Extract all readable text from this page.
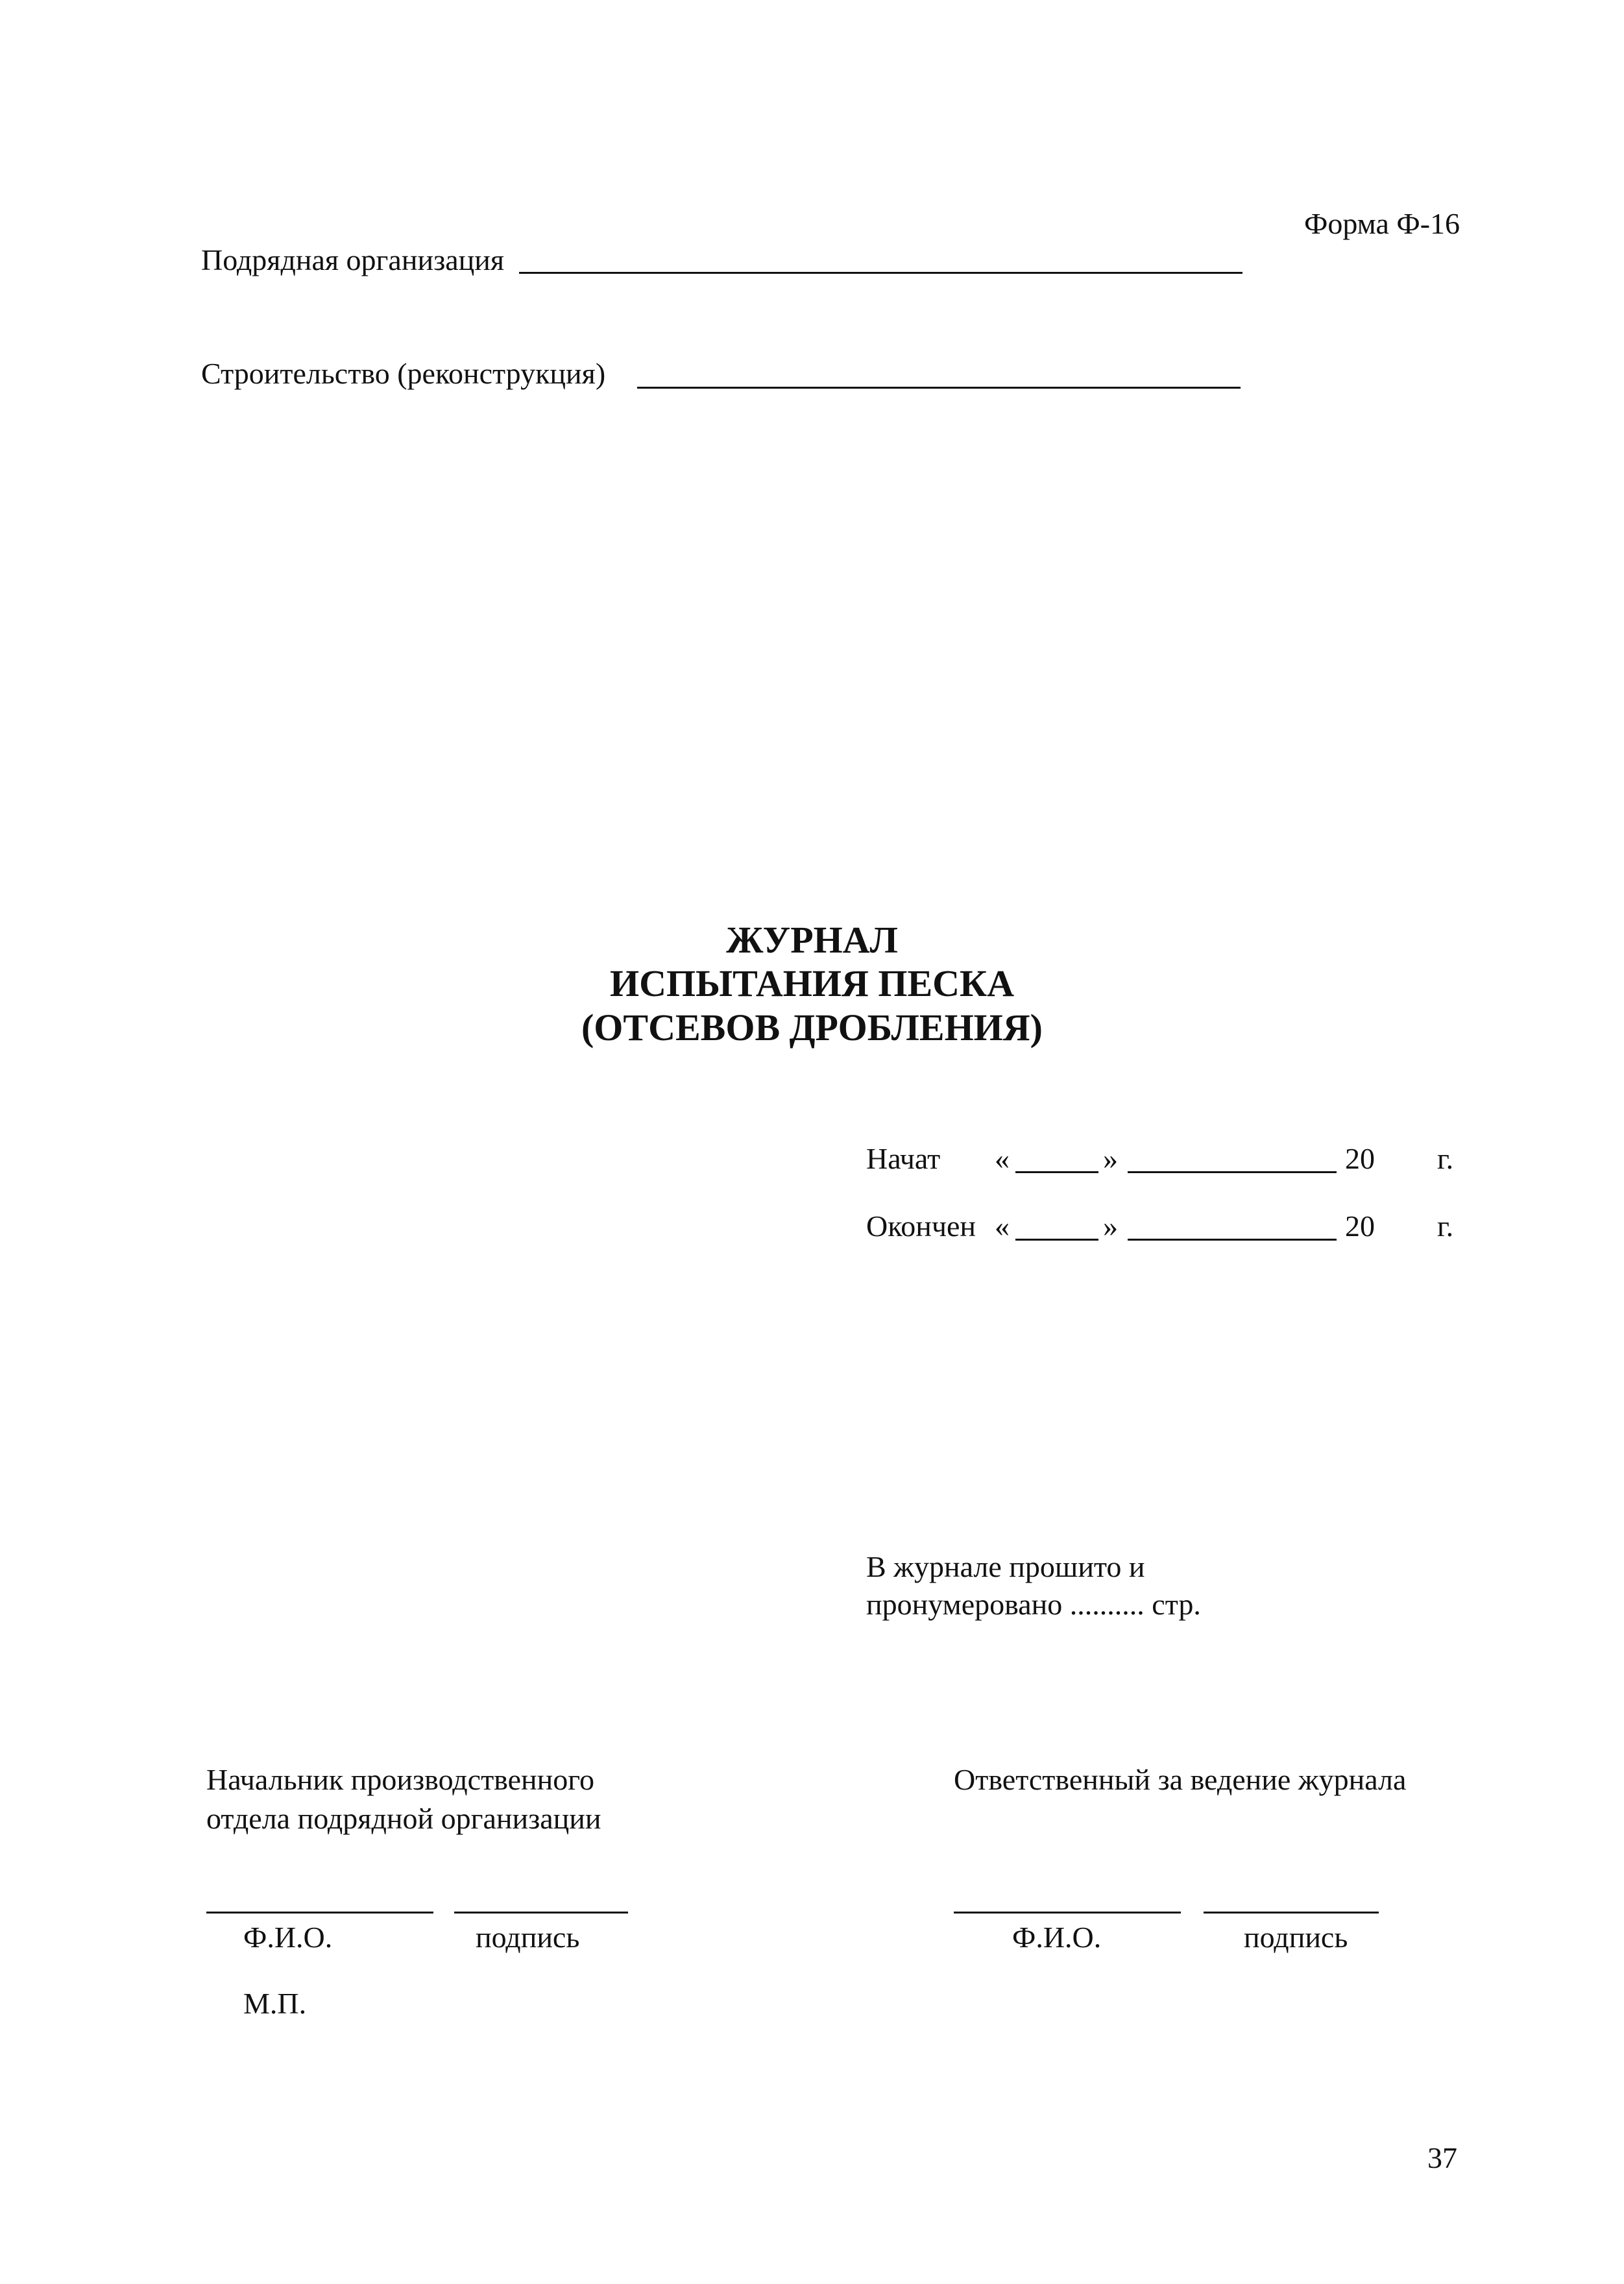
Форма Ф-16
Подрядная организация
Строительство (реконструкция)
ЖУРНАЛ
ИСПЫТАНИЯ ПЕСКА
(ОТСЕВОВ ДРОБЛЕНИЯ)
Начат «	»	20 г.
Окончен «	»	20 г.
В журнале прошито и
пронумеровано .......... стр.
Начальник производственного
отдела подрядной организации
Ф.И.О.	подпись
М.П.
Ответственный за ведение журнала
Ф.И.О.	подпись
37
